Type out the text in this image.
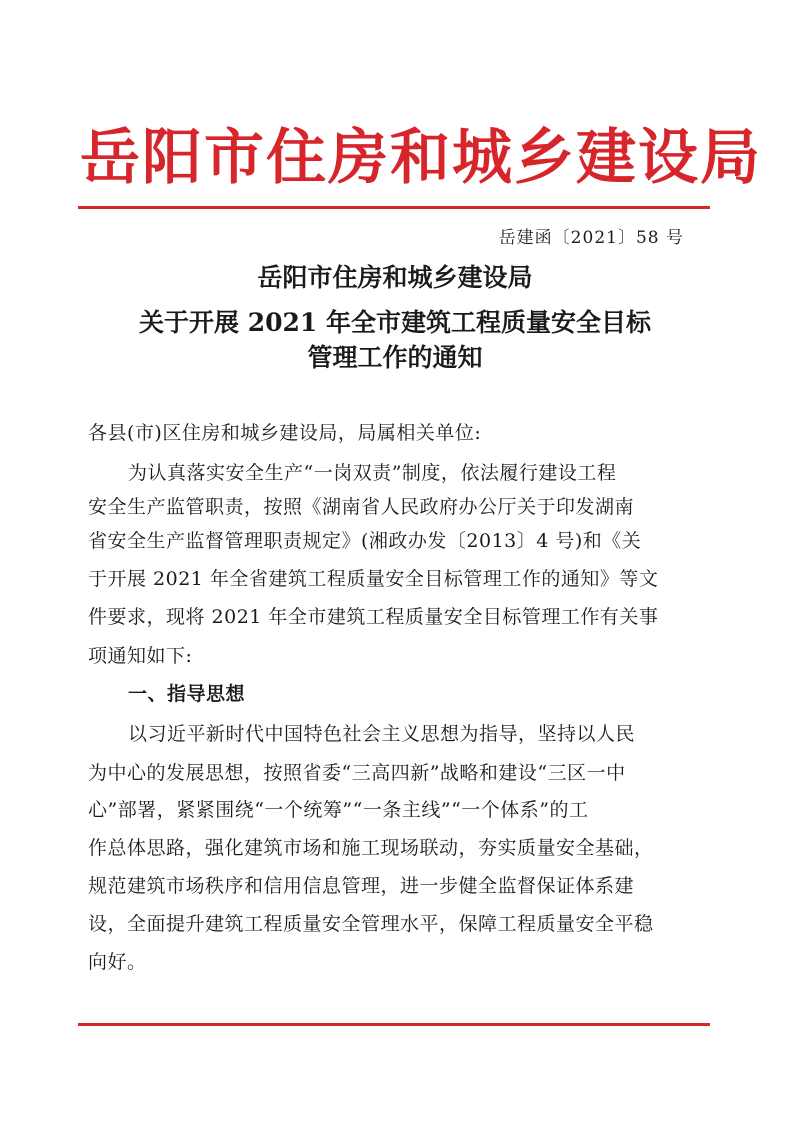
岳阳市住房和城乡建设局
岳建函〔2021〕58 号
岳阳市住房和城乡建设局
关于开展 2021 年全市建筑工程质量安全目标
管理工作的通知
各县(市)区住房和城乡建设局，局属相关单位:
为认真落实安全生产“一岗双责”制度，依法履行建设工程
安全生产监管职责，按照《湖南省人民政府办公厅关于印发湖南
省安全生产监督管理职责规定》(湘政办发〔2013〕4 号)和《关
于开展 2021 年全省建筑工程质量安全目标管理工作的通知》等文
件要求，现将 2021 年全市建筑工程质量安全目标管理工作有关事
项通知如下:
一、指导思想
以习近平新时代中国特色社会主义思想为指导，坚持以人民
为中心的发展思想，按照省委“三高四新”战略和建设“三区一中
心”部署，紧紧围绕“一个统筹”“一条主线”“一个体系”的工
作总体思路，强化建筑市场和施工现场联动，夯实质量安全基础，
规范建筑市场秩序和信用信息管理，进一步健全监督保证体系建
设，全面提升建筑工程质量安全管理水平，保障工程质量安全平稳
向好。
